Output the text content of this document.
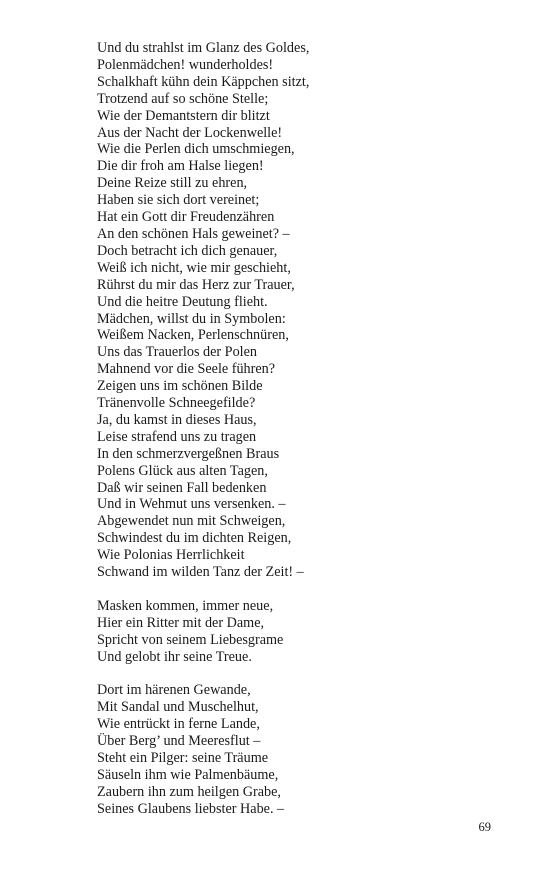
Und du strahlst im Glanz des Goldes,
Polenmädchen! wunderholdes!
Schalkhaft kühn dein Käppchen sitzt,
Trotzend auf so schöne Stelle;
Wie der Demantstern dir blitzt
Aus der Nacht der Lockenwelle!
Wie die Perlen dich umschmiegen,
Die dir froh am Halse liegen!
Deine Reize still zu ehren,
Haben sie sich dort vereinet;
Hat ein Gott dir Freudenzähren
An den schönen Hals geweinet? –
Doch betracht ich dich genauer,
Weiß ich nicht, wie mir geschieht,
Rührst du mir das Herz zur Trauer,
Und die heitre Deutung flieht.
Mädchen, willst du in Symbolen:
Weißem Nacken, Perlenschnüren,
Uns das Trauerlos der Polen
Mahnend vor die Seele führen?
Zeigen uns im schönen Bilde
Tränenvolle Schneegefilde?
Ja, du kamst in dieses Haus,
Leise strafend uns zu tragen
In den schmerzvergeßnen Braus
Polens Glück aus alten Tagen,
Daß wir seinen Fall bedenken
Und in Wehmut uns versenken. –
Abgewendet nun mit Schweigen,
Schwindest du im dichten Reigen,
Wie Polonias Herrlichkeit
Schwand im wilden Tanz der Zeit! –
Masken kommen, immer neue,
Hier ein Ritter mit der Dame,
Spricht von seinem Liebesgrame
Und gelobt ihr seine Treue.
Dort im härenen Gewande,
Mit Sandal und Muschelhut,
Wie entrückt in ferne Lande,
Über Berg’ und Meeresflut –
Steht ein Pilger: seine Träume
Säuseln ihm wie Palmenbäume,
Zaubern ihn zum heilgen Grabe,
Seines Glaubens liebster Habe. –
69
